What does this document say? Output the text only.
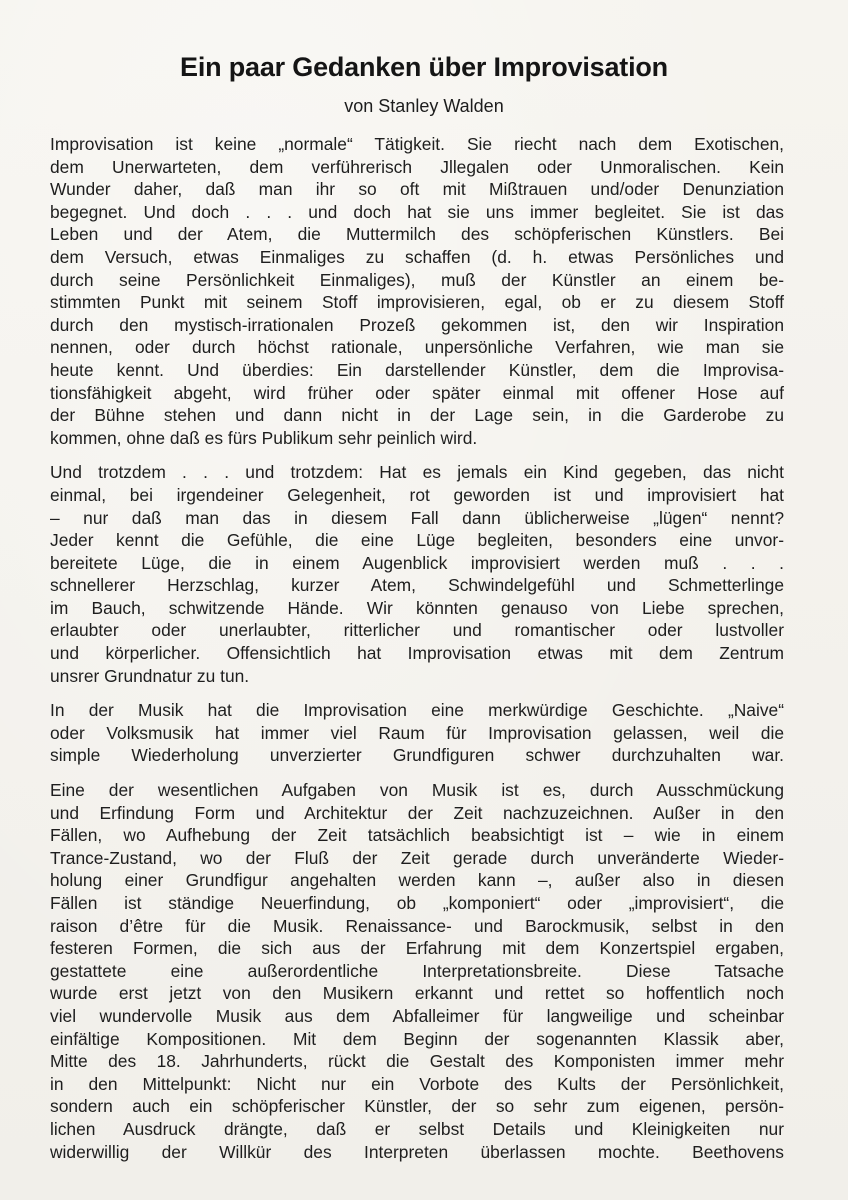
Ein paar Gedanken über Improvisation
von Stanley Walden
Improvisation ist keine „normale“ Tätigkeit. Sie riecht nach dem Exotischen,
dem Unerwarteten, dem verführerisch Jllegalen oder Unmoralischen. Kein
Wunder daher, daß man ihr so oft mit Mißtrauen und/oder Denunziation
begegnet. Und doch . . . und doch hat sie uns immer begleitet. Sie ist das
Leben und der Atem, die Muttermilch des schöpferischen Künstlers. Bei
dem Versuch, etwas Einmaliges zu schaffen (d. h. etwas Persönliches und
durch seine Persönlichkeit Einmaliges), muß der Künstler an einem be-
stimmten Punkt mit seinem Stoff improvisieren, egal, ob er zu diesem Stoff
durch den mystisch-irrationalen Prozeß gekommen ist, den wir Inspiration
nennen, oder durch höchst rationale, unpersönliche Verfahren, wie man sie
heute kennt. Und überdies: Ein darstellender Künstler, dem die Improvisa-
tionsfähigkeit abgeht, wird früher oder später einmal mit offener Hose auf
der Bühne stehen und dann nicht in der Lage sein, in die Garderobe zu
kommen, ohne daß es fürs Publikum sehr peinlich wird.
Und trotzdem . . . und trotzdem: Hat es jemals ein Kind gegeben, das nicht
einmal, bei irgendeiner Gelegenheit, rot geworden ist und improvisiert hat
– nur daß man das in diesem Fall dann üblicherweise „lügen“ nennt?
Jeder kennt die Gefühle, die eine Lüge begleiten, besonders eine unvor-
bereitete Lüge, die in einem Augenblick improvisiert werden muß . . .
schnellerer Herzschlag, kurzer Atem, Schwindelgefühl und Schmetterlinge
im Bauch, schwitzende Hände. Wir könnten genauso von Liebe sprechen,
erlaubter oder unerlaubter, ritterlicher und romantischer oder lustvoller
und körperlicher. Offensichtlich hat Improvisation etwas mit dem Zentrum
unsrer Grundnatur zu tun.
In der Musik hat die Improvisation eine merkwürdige Geschichte. „Naive“
oder Volksmusik hat immer viel Raum für Improvisation gelassen, weil die
simple Wiederholung unverzierter Grundfiguren schwer durchzuhalten war.
Eine der wesentlichen Aufgaben von Musik ist es, durch Ausschmückung
und Erfindung Form und Architektur der Zeit nachzuzeichnen. Außer in den
Fällen, wo Aufhebung der Zeit tatsächlich beabsichtigt ist – wie in einem
Trance-Zustand, wo der Fluß der Zeit gerade durch unveränderte Wieder-
holung einer Grundfigur angehalten werden kann –, außer also in diesen
Fällen ist ständige Neuerfindung, ob „komponiert“ oder „improvisiert“, die
raison d’être für die Musik. Renaissance- und Barockmusik, selbst in den
festeren Formen, die sich aus der Erfahrung mit dem Konzertspiel ergaben,
gestattete eine außerordentliche Interpretationsbreite. Diese Tatsache
wurde erst jetzt von den Musikern erkannt und rettet so hoffentlich noch
viel wundervolle Musik aus dem Abfalleimer für langweilige und scheinbar
einfältige Kompositionen. Mit dem Beginn der sogenannten Klassik aber,
Mitte des 18. Jahrhunderts, rückt die Gestalt des Komponisten immer mehr
in den Mittelpunkt: Nicht nur ein Vorbote des Kults der Persönlichkeit,
sondern auch ein schöpferischer Künstler, der so sehr zum eigenen, persön-
lichen Ausdruck drängte, daß er selbst Details und Kleinigkeiten nur
widerwillig der Willkür des Interpreten überlassen mochte. Beethovens
